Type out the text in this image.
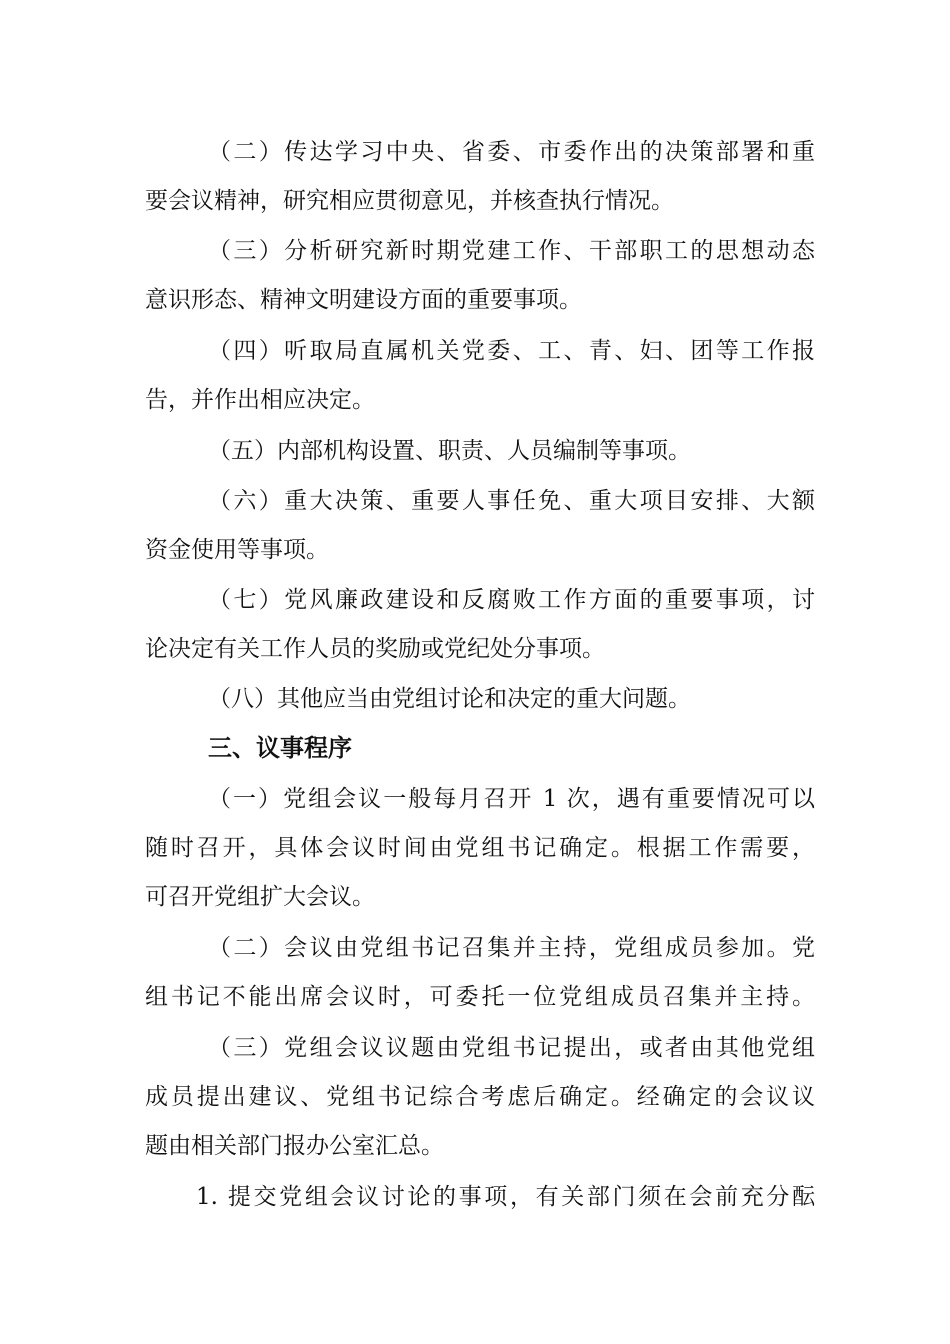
（二）传达学习中央、省委、市委作出的决策部署和重
要会议精神，研究相应贯彻意见，并核查执行情况。
（三）分析研究新时期党建工作、干部职工的思想动态
意识形态、精神文明建设方面的重要事项。
（四）听取局直属机关党委、工、青、妇、团等工作报
告，并作出相应决定。
（五）内部机构设置、职责、人员编制等事项。
（六）重大决策、重要人事任免、重大项目安排、大额
资金使用等事项。
（七）党风廉政建设和反腐败工作方面的重要事项，讨
论决定有关工作人员的奖励或党纪处分事项。
（八）其他应当由党组讨论和决定的重大问题。
三、议事程序
（一）党组会议一般每月召开 1 次，遇有重要情况可以
随时召开，具体会议时间由党组书记确定。根据工作需要，
可召开党组扩大会议。
（二）会议由党组书记召集并主持，党组成员参加。党
组书记不能出席会议时，可委托一位党组成员召集并主持。
（三）党组会议议题由党组书记提出，或者由其他党组
成员提出建议、党组书记综合考虑后确定。经确定的会议议
题由相关部门报办公室汇总。
1. 提交党组会议讨论的事项，有关部门须在会前充分酝
